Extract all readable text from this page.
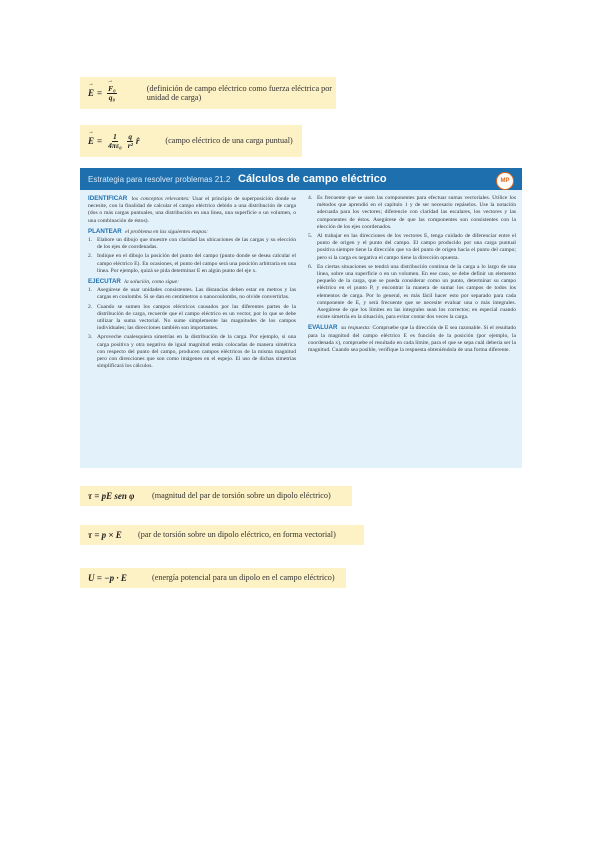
→ E =
→ $\frac{\text{F₀}}{\text{q₀}}$	(definición de campo eléctrico como fuerza eléctrica por unidad de carga)
→ $E = \frac{1}{\text{4πε₀}} \frac{q}{\text{r²}}$ r̂	(campo eléctrico de una carga puntual)
Estrategia para resolver problemas 21.2 Cálculos de campo eléctrico	MP
IDENTIFICAR los conceptos relevantes: Usar el principio de superposición donde se necesite, con la finalidad de calcular el campo eléctrico debido a una distribución de carga (dos o más cargas puntuales, una distribución en una línea, una superficie o un volumen, o una combinación de éstos).
PLANTEAR el problema en las siguientes etapas:
1. Elabore un dibujo que muestre con claridad las ubicaciones de las cargas y su elección de los ejes de coordenadas.
2. Indique en el dibujo la posición del punto del campo (punto donde se desea calcular el campo eléctrico E). En ocasiones, el punto del campo será una posición arbitraria en una línea. Por ejemplo, quizá se pida determinar E en algún punto del eje x.
EJECUTAR la solución, como sigue:
1. Asegúrese de usar unidades consistentes. Las distancias deben estar en metros y las cargas en coulombs. Si se dan en centímetros o nanocoulombs, no olvide convertirlas.
2. Cuando se sumen los campos eléctricos causados por las diferentes partes de la distribución de carga, recuerde que el campo eléctrico es un vector, por lo que se debe utilizar la suma vectorial. No sume simplemente las magnitudes de los campos individuales; las direcciones también son importantes.
3. Aproveche cualesquiera simetrías en la distribución de la carga. Por ejemplo, si una carga positiva y otra negativa de igual magnitud están colocadas de manera simétrica con respecto del punto del campo, producen campos eléctricos de la misma magnitud pero con direcciones que son como imágenes en el espejo. El uso de dichas simetrías simplificará los cálculos.
4. Es frecuente que se usen las componentes para efectuar sumas vectoriales. Utilice los métodos que aprendió en el capítulo 1 y de ser necesario repáselos. Use la notación adecuada para los vectores; diferencie con claridad las escalares, los vectores y las componentes de éstos. Asegúrese de que las componentes son consistentes con la elección de los ejes coordenados.
5. Al trabajar en las direcciones de los vectores E, tenga cuidado de diferenciar entre el punto de origen y el punto del campo. El campo producido por una carga puntual positiva siempre tiene la dirección que va del punto de origen hacia el punto del campo; pero si la carga es negativa el campo tiene la dirección opuesta.
6. En ciertas situaciones se tendrá una distribución continua de la carga a lo largo de una línea, sobre una superficie o en un volumen. En ese caso, se debe definir un elemento pequeño de la carga, que se pueda considerar como un punto, determinar su campo eléctrico en el punto P, y encontrar la manera de sumar los campos de todos los elementos de carga. Por lo general, es más fácil hacer esto por separado para cada componente de E, y será frecuente que se necesite evaluar una o más integrales. Asegúrese de que los límites en las integrales sean los correctos; en especial cuando existe simetría en la situación, para evitar contar dos veces la carga.
EVALUAR su respuesta: Compruebe que la dirección de E sea razonable. Si el resultado para la magnitud del campo eléctrico E es función de la posición (por ejemplo, la coordenada x), compruebe el resultado en cada límite, para el que se sepa cuál debería ser la magnitud. Cuando sea posible, verifique la respuesta obteniéndola de una forma diferente.
τ = pE sen φ	(magnitud del par de torsión sobre un dipolo eléctrico)
τ = p × E	(par de torsión sobre un dipolo eléctrico, en forma vectorial)
U = −p · E	(energía potencial para un dipolo en el campo eléctrico)
